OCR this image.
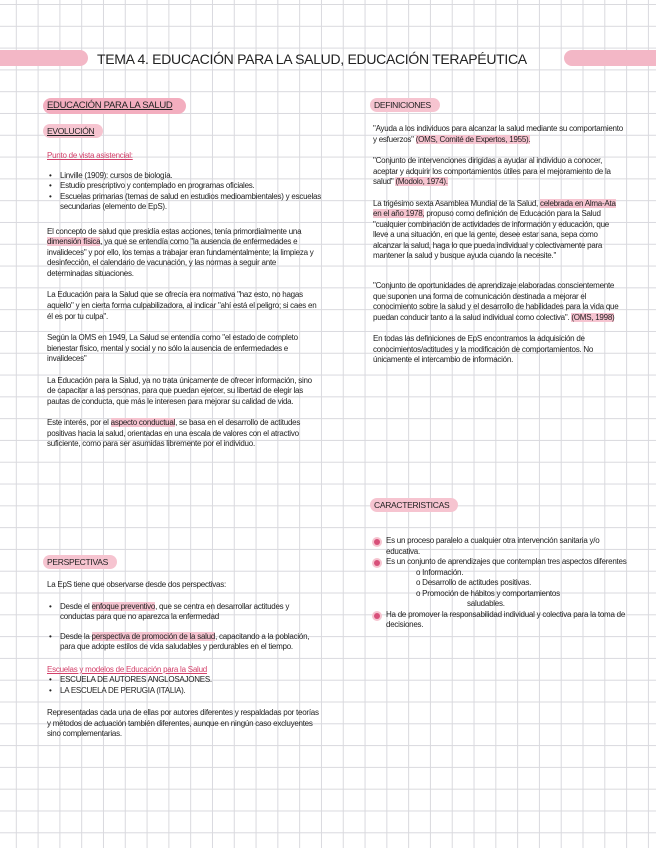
TEMA 4. EDUCACIÓN PARA LA SALUD, EDUCACIÓN TERAPÉUTICA
EDUCACIÓN PARA LA SALUD
EVOLUCIÓN

Punto de vista asistencial:

• Linville (1909): cursos de biología.
• Estudio prescriptivo y contemplado en programas oficiales.
• Escuelas primarias (temas de salud en estudios medioambientales) y escuelas secundarias (elemento de EpS).

El concepto de salud que presidía estas acciones, tenía primordialmente una dimensión física, ya que se entendía como "la ausencia de enfermedades e invalideces" y por ello, los temas a trabajar eran fundamentalmente; la limpieza y desinfección, el calendario de vacunación, y las normas a seguir ante determinadas situaciones.

La Educación para la Salud que se ofrecía era normativa "haz esto, no hagas aquello" y en cierta forma culpabilizadora, al indicar "ahí está el peligro; si caes en él es por tu culpa".

Según la OMS en 1949, La Salud se entendía como "el estado de completo bienestar físico, mental y social y no sólo la ausencia de enfermedades e invalideces"

La Educación para la Salud, ya no trata únicamente de ofrecer información, sino de capacitar a las personas, para que puedan ejercer, su libertad de elegir las pautas de conducta, que más le interesen para mejorar su calidad de vida.

Este interés, por el aspecto conductual, se basa en el desarrollo de actitudes positivas hacia la salud, orientadas en una escala de valores con el atractivo suficiente, como para ser asumidas libremente por el individuo.

PERSPECTIVAS

La EpS tiene que observarse desde dos perspectivas:

• Desde el enfoque preventivo, que se centra en desarrollar actitudes y conductas para que no aparezca la enfermedad
• Desde la perspectiva de promoción de la salud, capacitando a la población, para que adopte estilos de vida saludables y perdurables en el tiempo.

Escuelas y modelos de Educación para la Salud

• ESCUELA DE AUTORES ANGLOSAJONES.
• LA ESCUELA DE PERUGIA (ITALIA).

Representadas cada una de ellas por autores diferentes y respaldadas por teorías y métodos de actuación también diferentes, aunque en ningún caso excluyentes sino complementarias.

DEFINICIONES

"Ayuda a los individuos para alcanzar la salud mediante su comportamiento y esfuerzos" (OMS, Comité de Expertos, 1955).

"Conjunto de intervenciones dirigidas a ayudar al individuo a conocer, aceptar y adquirir los comportamientos útiles para el mejoramiento de la salud" (Modolo, 1974).

La trigésimo sexta Asamblea Mundial de la Salud, celebrada en Alma-Ata en el año 1978, propuso como definición de Educación para la Salud "cualquier combinación de actividades de información y educación, que lleve a una situación, en que la gente, desee estar sana, sepa como alcanzar la salud, haga lo que pueda individual y colectivamente para mantener la salud y busque ayuda cuando la necesite."

"Conjunto de oportunidades de aprendizaje elaboradas conscientemente que suponen una forma de comunicación destinada a mejorar el conocimiento sobre la salud y el desarrollo de habilidades para la vida que puedan conducir tanto a la salud individual como colectiva". (OMS, 1998)

En todas las definiciones de EpS encontramos la adquisición de conocimientos/actitudes y la modificación de comportamientos. No únicamente el intercambio de información.

CARACTERISTICAS
Es un proceso paralelo a cualquier otra intervención sanitaria y/o educativa.
Es un conjunto de aprendizajes que contemplan tres aspectos diferentes
o Información.
o Desarrollo de actitudes positivas.
o Promoción de hábitos y comportamientos
saludables.
Ha de promover la responsabilidad individual y colectiva para la toma de decisiones.
